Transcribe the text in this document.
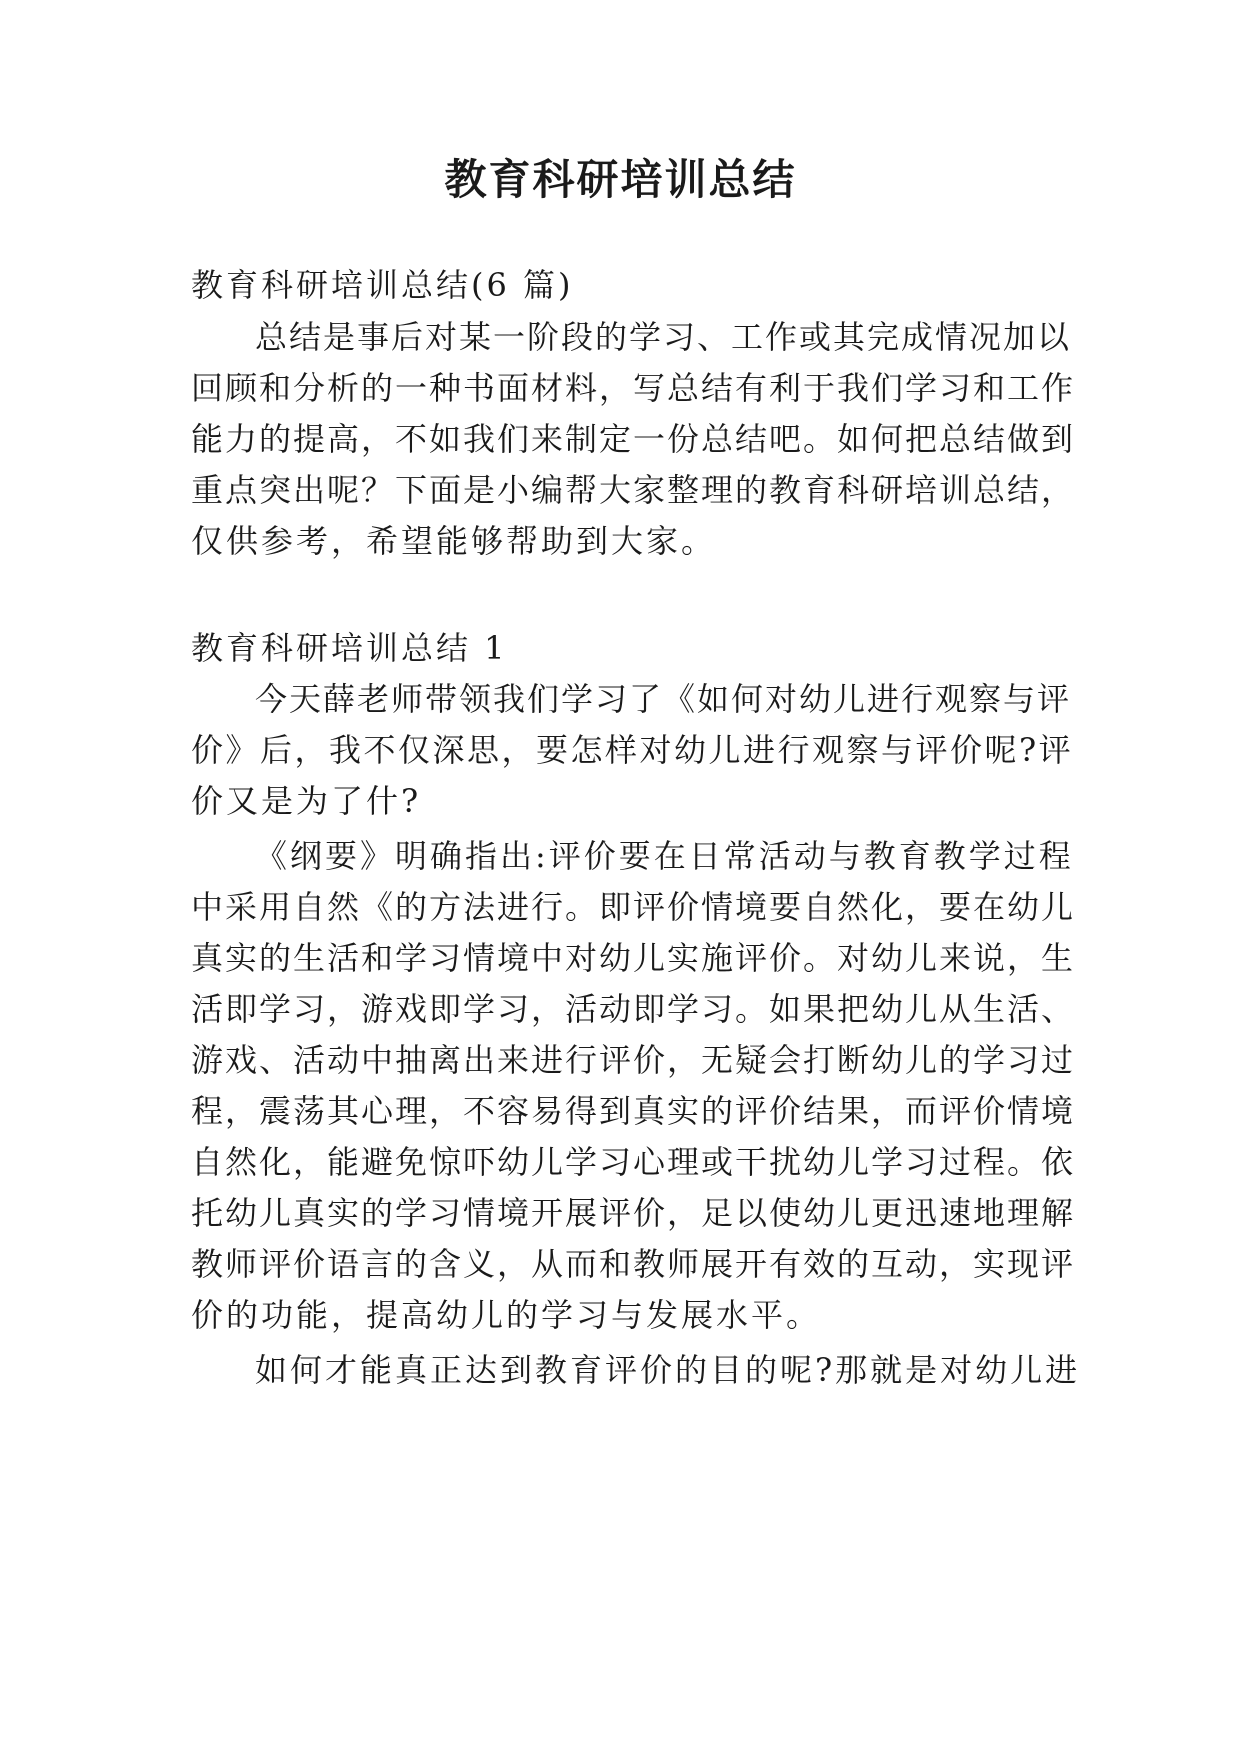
教育科研培训总结

教育科研培训总结(6 篇)

总结是事后对某一阶段的学习、工作或其完成情况加以

回顾和分析的一种书面材料，写总结有利于我们学习和工作

能力的提高，不如我们来制定一份总结吧。如何把总结做到

重点突出呢？下面是小编帮大家整理的教育科研培训总结，

仅供参考，希望能够帮助到大家。

教育科研培训总结 1

今天薛老师带领我们学习了《如何对幼儿进行观察与评

价》后，我不仅深思，要怎样对幼儿进行观察与评价呢?评

价又是为了什?

《纲要》明确指出:评价要在日常活动与教育教学过程

中采用自然《的方法进行。即评价情境要自然化，要在幼儿

真实的生活和学习情境中对幼儿实施评价。对幼儿来说，生

活即学习，游戏即学习，活动即学习。如果把幼儿从生活、

游戏、活动中抽离出来进行评价，无疑会打断幼儿的学习过

程，震荡其心理，不容易得到真实的评价结果，而评价情境

自然化，能避免惊吓幼儿学习心理或干扰幼儿学习过程。依

托幼儿真实的学习情境开展评价，足以使幼儿更迅速地理解

教师评价语言的含义，从而和教师展开有效的互动，实现评

价的功能，提高幼儿的学习与发展水平。

如何才能真正达到教育评价的目的呢?那就是对幼儿进
